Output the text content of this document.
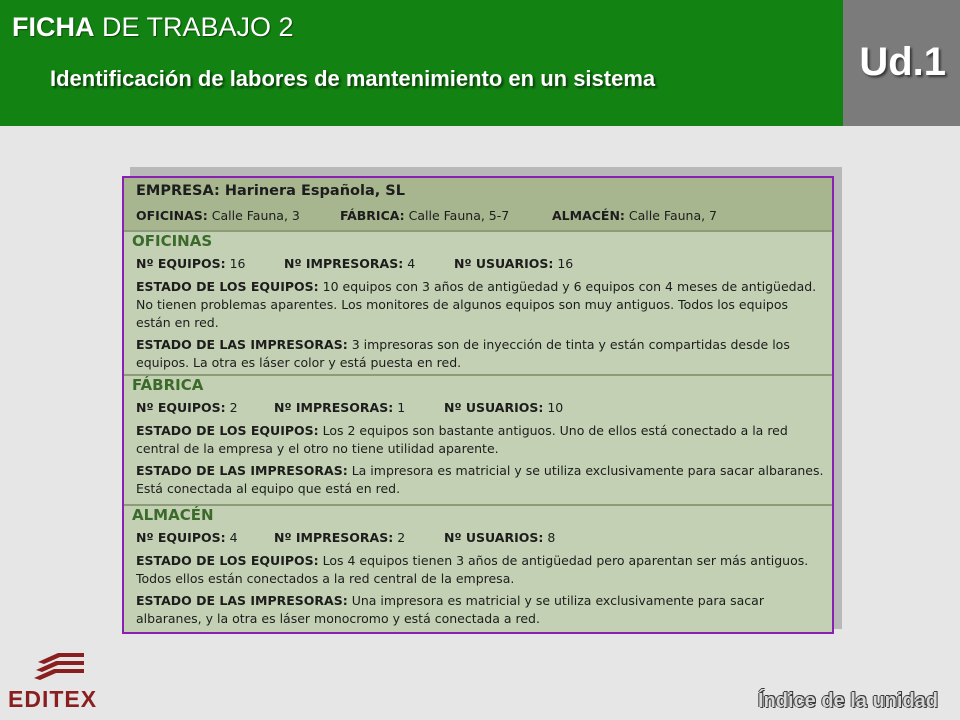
FICHA DE TRABAJO 2
Identificación de labores de mantenimiento en un sistema	Ud.1
EMPRESA: Harinera Española, SL
OFICINAS: Calle Fauna, 3	FÁBRICA: Calle Fauna, 5-7	ALMACÉN: Calle Fauna, 7
OFICINAS
Nº EQUIPOS: 16	Nº IMPRESORAS: 4	Nº USUARIOS: 16
ESTADO DE LOS EQUIPOS: 10 equipos con 3 años de antigüedad y 6 equipos con 4 meses de antigüedad. No tienen problemas aparentes. Los monitores de algunos equipos son muy antiguos. Todos los equipos están en red.
ESTADO DE LAS IMPRESORAS: 3 impresoras son de inyección de tinta y están compartidas desde los equipos. La otra es láser color y está puesta en red.
FÁBRICA
Nº EQUIPOS: 2	Nº IMPRESORAS: 1	Nº USUARIOS: 10
ESTADO DE LOS EQUIPOS: Los 2 equipos son bastante antiguos. Uno de ellos está conectado a la red central de la empresa y el otro no tiene utilidad aparente.
ESTADO DE LAS IMPRESORAS: La impresora es matricial y se utiliza exclusivamente para sacar albaranes. Está conectada al equipo que está en red.
ALMACÉN
Nº EQUIPOS: 4	Nº IMPRESORAS: 2	Nº USUARIOS: 8
ESTADO DE LOS EQUIPOS: Los 4 equipos tienen 3 años de antigüedad pero aparentan ser más antiguos. Todos ellos están conectados a la red central de la empresa.
ESTADO DE LAS IMPRESORAS: Una impresora es matricial y se utiliza exclusivamente para sacar albaranes, y la otra es láser monocromo y está conectada a red.
EDITEX	Índice de la unidad
